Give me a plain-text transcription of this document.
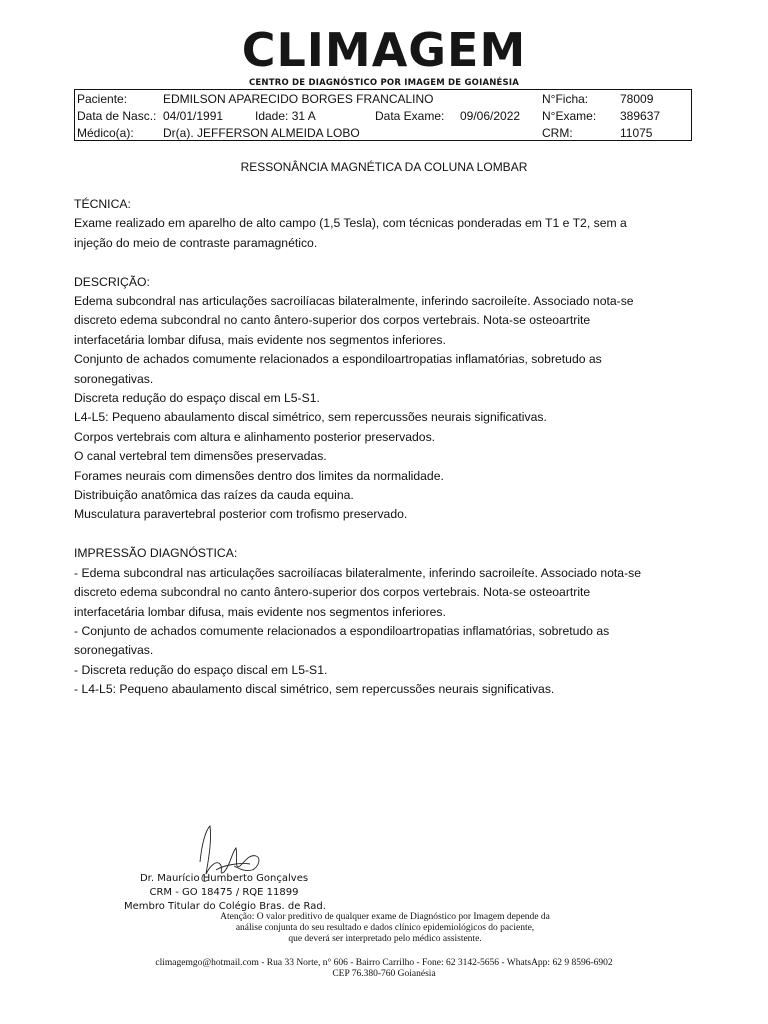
CLIMAGEM
CENTRO DE DIAGNÓSTICO POR IMAGEM DE GOIANÉSIA
Paciente:	EDMILSON APARECIDO BORGES FRANCALINO	N°Ficha:	78009
Data de Nasc.: 04/01/1991	Idade: 31 A	Data Exame: 09/06/2022 N°Exame: 389637
Médico(a): Dr(a). JEFFERSON ALMEIDA LOBO	CRM:	11075
RESSONÂNCIA MAGNÉTICA DA COLUNA LOMBAR
TÉCNICA:
Exame realizado em aparelho de alto campo (1,5 Tesla), com técnicas ponderadas em T1 e T2, sem a
injeção do meio de contraste paramagnético.
DESCRIÇÃO:
Edema subcondral nas articulações sacroilíacas bilateralmente, inferindo sacroileíte. Associado nota-se
discreto edema subcondral no canto ântero-superior dos corpos vertebrais. Nota-se osteoartrite
interfacetária lombar difusa, mais evidente nos segmentos inferiores.
Conjunto de achados comumente relacionados a espondiloartropatias inflamatórias, sobretudo as
soronegativas.
Discreta redução do espaço discal em L5-S1.
L4-L5: Pequeno abaulamento discal simétrico, sem repercussões neurais significativas.
Corpos vertebrais com altura e alinhamento posterior preservados.
O canal vertebral tem dimensões preservadas.
Forames neurais com dimensões dentro dos limites da normalidade.
Distribuição anatômica das raízes da cauda equina.
Musculatura paravertebral posterior com trofismo preservado.
IMPRESSÃO DIAGNÓSTICA:
- Edema subcondral nas articulações sacroilíacas bilateralmente, inferindo sacroileíte. Associado nota-se
discreto edema subcondral no canto ântero-superior dos corpos vertebrais. Nota-se osteoartrite
interfacetária lombar difusa, mais evidente nos segmentos inferiores.
- Conjunto de achados comumente relacionados a espondiloartropatias inflamatórias, sobretudo as
soronegativas.
- Discreta redução do espaço discal em L5-S1.
- L4-L5: Pequeno abaulamento discal simétrico, sem repercussões neurais significativas.
Dr. Maurício Humberto Gonçalves
CRM - GO 18475 / RQE 11899
Membro Titular do Colégio Bras. de Rad.
Atenção: O valor preditivo de qualquer exame de Diagnóstico por Imagem depende da
análise conjunta do seu resultado e dados clínico epidemiológicos do paciente,
que deverá ser interpretado pelo médico assistente.
climagemgo@hotmail.com - Rua 33 Norte, n° 606 - Bairro Carrilho - Fone: 62 3142-5656 - WhatsApp: 62 9 8596-6902
CEP 76.380-760 Goianésia
